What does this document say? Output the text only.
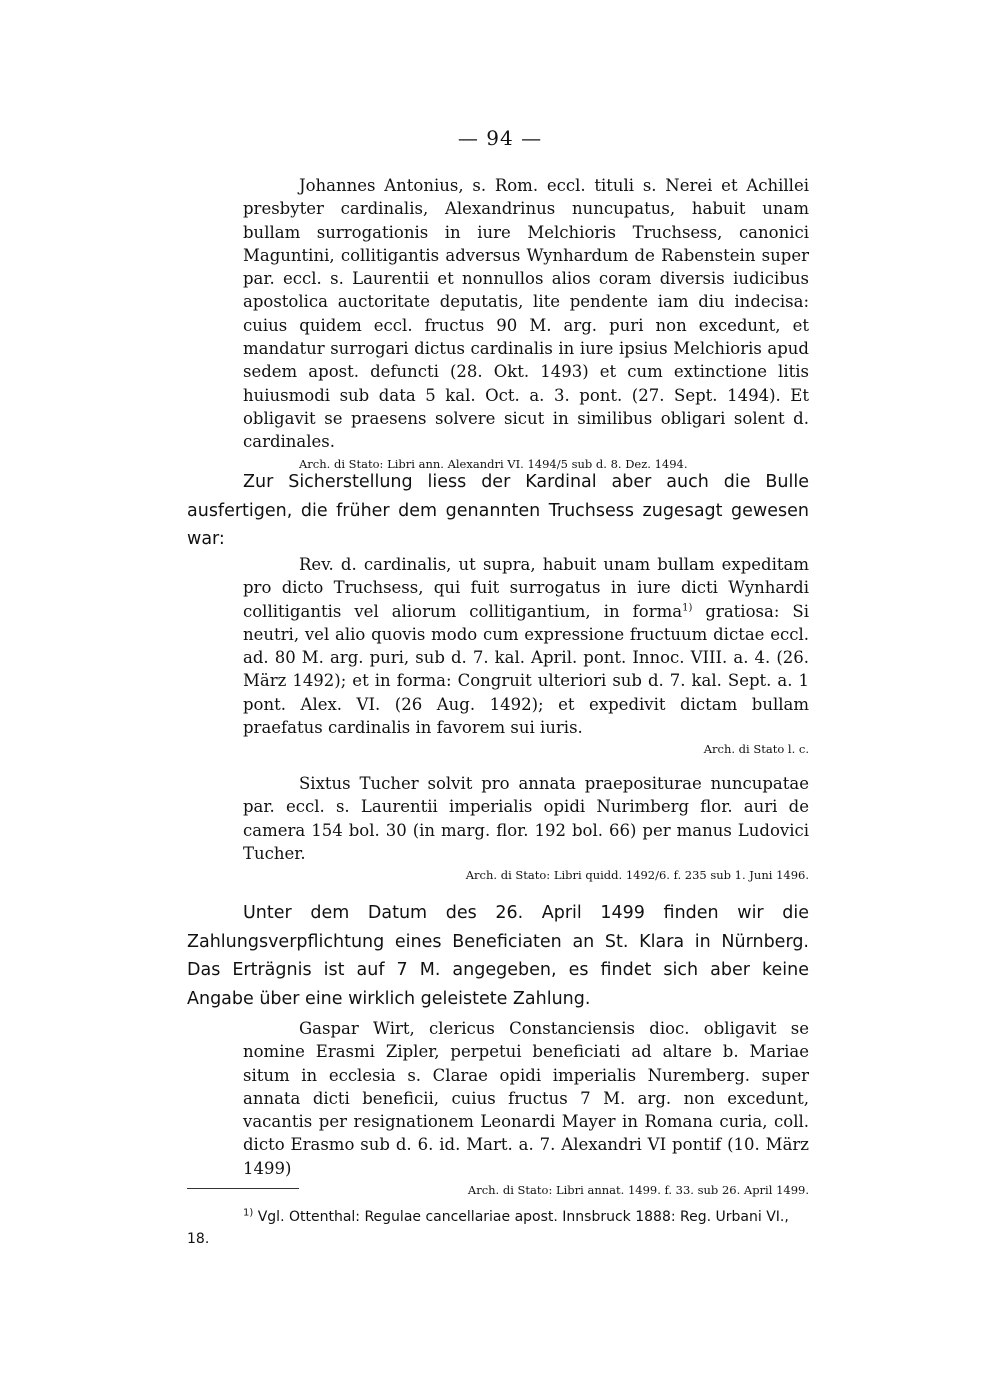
— 94 —

Johannes Antonius, s. Rom. eccl. tituli s. Nerei et Achillei presbyter cardinalis, Alexandrinus nuncupatus, habuit unam bullam surrogationis in iure Melchioris Truchsess, canonici Maguntini, collitigantis adversus Wynhardum de Rabenstein super par. eccl. s. Laurentii et nonnullos alios coram diversis iudicibus apostolica auctoritate deputatis, lite pendente iam diu indecisa: cuius quidem eccl. fructus 90 M. arg. puri non excedunt, et mandatur surrogari dictus cardinalis in iure ipsius Melchioris apud sedem apost. defuncti (28. Okt. 1493) et cum extinctione litis huiusmodi sub data 5 kal. Oct. a. 3. pont. (27. Sept. 1494). Et obligavit se praesens solvere sicut in similibus obligari solent d. cardinales.

Arch. di Stato: Libri ann. Alexandri VI. 1494/5 sub d. 8. Dez. 1494.

Zur Sicherstellung liess der Kardinal aber auch die Bulle ausfertigen, die früher dem genannten Truchsess zugesagt gewesen war:

Rev. d. cardinalis, ut supra, habuit unam bullam expeditam pro dicto Truchsess, qui fuit surrogatus in iure dicti Wynhardi collitigantis vel aliorum collitigantium, in forma$^{1)}$ gratiosa: Si neutri, vel alio quovis modo cum expressione fructuum dictae eccl. ad. 80 M. arg. puri, sub d. 7. kal. April. pont. Innoc. VIII. a. 4. (26. März 1492); et in forma: Congruit ulteriori sub d. 7. kal. Sept. a. 1 pont. Alex. VI. (26 Aug. 1492); et expedivit dictam bullam praefatus cardinalis in favorem sui iuris.

Arch. di Stato l. c.

Sixtus Tucher solvit pro annata praepositurae nuncupatae par. eccl. s. Laurentii imperialis opidi Nurimberg flor. auri de camera 154 bol. 30 (in marg. flor. 192 bol. 66) per manus Ludovici Tucher.

Arch. di Stato: Libri quidd. 1492/6. f. 235 sub 1. Juni 1496.

Unter dem Datum des 26. April 1499 finden wir die Zahlungsverpflichtung eines Beneficiaten an St. Klara in Nürnberg. Das Erträgnis ist auf 7 M. angegeben, es findet sich aber keine Angabe über eine wirklich geleistete Zahlung.

Gaspar Wirt, clericus Constanciensis dioc. obligavit se nomine Erasmi Zipler, perpetui beneficiati ad altare b. Mariae situm in ecclesia s. Clarae opidi imperialis Nuremberg. super annata dicti beneficii, cuius fructus 7 M. arg. non excedunt, vacantis per resignationem Leonardi Mayer in Romana curia, coll. dicto Erasmo sub d. 6. id. Mart. a. 7. Alexandri VI pontif (10. März 1499)

Arch. di Stato: Libri annat. 1499. f. 33. sub 26. April 1499.

$^{1)}$ Vgl. Ottenthal: Regulae cancellariae apost. Innsbruck 1888: Reg. Urbani VI., 18.
